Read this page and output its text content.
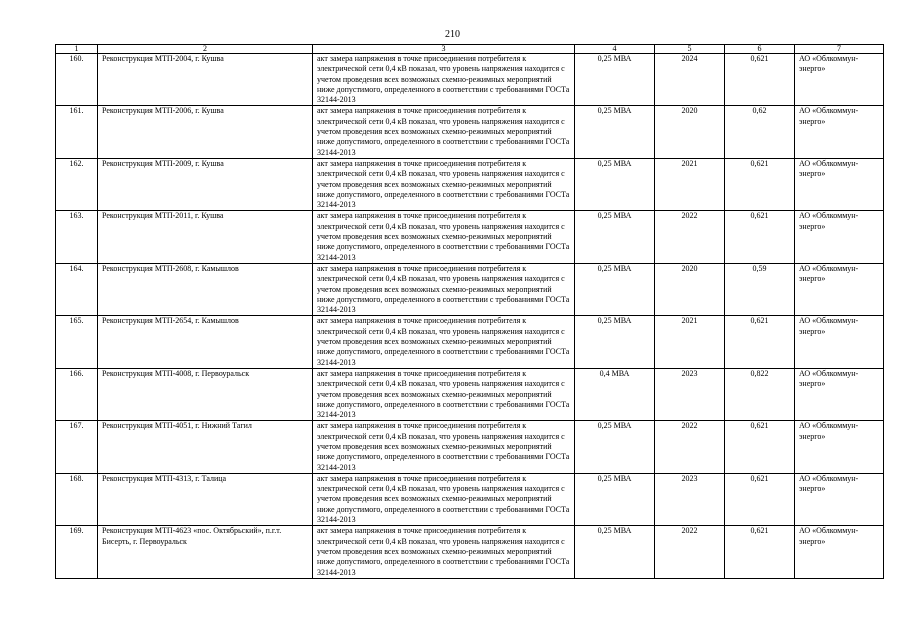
210
1	2	3	4	5	6	7
160.	Реконструкция МТП-2004, г. Кушва	акт замера напряжения в точке присоединения потребителя к электрической сети 0,4 кВ показал, что уровень напряжения находится с учетом проведения всех возможных схемно-режимных мероприятий ниже допустимого, определенного в соответствии с требованиями ГОСТа 32144-2013	0,25 МВА	2024	0,621	АО «Облкоммун-энерго»
161.	Реконструкция МТП-2006, г. Кушва	акт замера напряжения в точке присоединения потребителя к электрической сети 0,4 кВ показал, что уровень напряжения находится с учетом проведения всех возможных схемно-режимных мероприятий ниже допустимого, определенного в соответствии с требованиями ГОСТа 32144-2013	0,25 МВА	2020	0,62	АО «Облкоммун-энерго»
162.	Реконструкция МТП-2009, г. Кушва	акт замера напряжения в точке присоединения потребителя к электрической сети 0,4 кВ показал, что уровень напряжения находится с учетом проведения всех возможных схемно-режимных мероприятий ниже допустимого, определенного в соответствии с требованиями ГОСТа 32144-2013	0,25 МВА	2021	0,621	АО «Облкоммун-энерго»
163.	Реконструкция МТП-2011, г. Кушва	акт замера напряжения в точке присоединения потребителя к электрической сети 0,4 кВ показал, что уровень напряжения находится с учетом проведения всех возможных схемно-режимных мероприятий ниже допустимого, определенного в соответствии с требованиями ГОСТа 32144-2013	0,25 МВА	2022	0,621	АО «Облкоммун-энерго»
164.	Реконструкция МТП-2608, г. Камышлов	акт замера напряжения в точке присоединения потребителя к электрической сети 0,4 кВ показал, что уровень напряжения находится с учетом проведения всех возможных схемно-режимных мероприятий ниже допустимого, определенного в соответствии с требованиями ГОСТа 32144-2013	0,25 МВА	2020	0,59	АО «Облкоммун-энерго»
165.	Реконструкция МТП-2654, г. Камышлов	акт замера напряжения в точке присоединения потребителя к электрической сети 0,4 кВ показал, что уровень напряжения находится с учетом проведения всех возможных схемно-режимных мероприятий ниже допустимого, определенного в соответствии с требованиями ГОСТа 32144-2013	0,25 МВА	2021	0,621	АО «Облкоммун-энерго»
166.	Реконструкция МТП-4008, г. Первоуральск	акт замера напряжения в точке присоединения потребителя к электрической сети 0,4 кВ показал, что уровень напряжения находится с учетом проведения всех возможных схемно-режимных мероприятий ниже допустимого, определенного в соответствии с требованиями ГОСТа 32144-2013	0,4 МВА	2023	0,822	АО «Облкоммун-энерго»
167.	Реконструкция МТП-4051, г. Нижний Тагил	акт замера напряжения в точке присоединения потребителя к электрической сети 0,4 кВ показал, что уровень напряжения находится с учетом проведения всех возможных схемно-режимных мероприятий ниже допустимого, определенного в соответствии с требованиями ГОСТа 32144-2013	0,25 МВА	2022	0,621	АО «Облкоммун-энерго»
168.	Реконструкция МТП-4313, г. Талица	акт замера напряжения в точке присоединения потребителя к электрической сети 0,4 кВ показал, что уровень напряжения находится с учетом проведения всех возможных схемно-режимных мероприятий ниже допустимого, определенного в соответствии с требованиями ГОСТа 32144-2013	0,25 МВА	2023	0,621	АО «Облкоммун-энерго»
169.	Реконструкция МТП-4623 «пос. Октябрьский», п.г.т. Бисерть, г. Первоуральск	акт замера напряжения в точке присоединения потребителя к электрической сети 0,4 кВ показал, что уровень напряжения находится с учетом проведения всех возможных схемно-режимных мероприятий ниже допустимого, определенного в соответствии с требованиями ГОСТа 32144-2013	0,25 МВА	2022	0,621	АО «Облкоммун-энерго»
